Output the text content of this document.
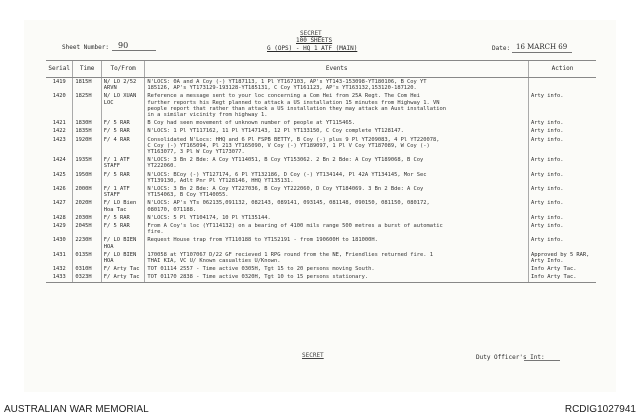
SECRET
100 SHEETS
G (OPS) - HQ 1 ATF (MAIN)
Sheet Number: 90	Date: 16 MARCH 69
Serial	Time	To/From	Events	Action
1419	1815H	N/ LO 2/52
ARVN	N'LOCS: 0A and A Coy (-) YT187113, 1 Pl YT167103, AP's YT143-153098-YT180106, B Coy YT
185126, AP's YT173129-193128-YT185131, C Coy YT161123, AP's YT163132,153120-187120.	
1420	1825H	N/ LO XUAN
LOC	Reference a message sent to your loc concerning a Com Hei from 25A Regt. The Com Hei
further reports his Regt planned to attack a US installation 15 minutes from Highway 1. VN
people report that rather than attack a US installation they may attack an Aust installation
in a similar vicinity from highway 1.	Arty info.
1421	1830H	F/ 5 RAR	B Coy had seen movement of unknown number of people at YT115465.	Arty info.
1422	1835H	F/ 5 RAR	N'LOCS: 1 Pl YT117162, 11 Pl YT147143, 12 Pl YT133150, C Coy complete YT128147.	Arty info.
1423	1920H	F/ 4 RAR	Consolidated N'Locs: HHQ and 6 Pl FSPB BETTY, B Coy (-) plus 9 Pl YT209083, 4 Pl YT220078,
C Coy (-) YT165094, Pl 213 YT165090, V Coy (-) YT189097, 1 Pl V Coy YT187089, W Coy (-)
YT163077, 3 Pl W Coy YT173077.	Arty info.
1424	1935H	F/ 1 ATF
STAFF	N'LOCS: 3 Bn 2 Bde: A Coy YT114051, B Coy YT153062. 2 Bn 2 Bde: A Coy YT189068, B Coy
YT222060.	Arty info.
1425	1950H	F/ 5 RAR	N'LOCS: BCoy (-) YT127174, 6 Pl YT132186, D Coy (-) YT134144, Pl 42A YT134145, Mor Sec
YT139130, Adlt Pnr Pl YT128146, HHQ YT135131.	Arty info.
1426	2000H	F/ 1 ATF
STAFF	N'LOCS: 3 Bn 2 Bde: A Coy YT227036, B Coy YT222060, D Coy YT184069. 3 Bn 2 Bde: A Coy
YT154063, B Coy YT140055.	Arty info.
1427	2020H	F/ LO Bien
Hoa Tac	N'LOCS: AP's YTs 062135,091132, 082143, 089141, 093145, 081148, 090150, 081150, 080172,
080170, 071188.	Arty info.
1428	2030H	F/ 5 RAR	N'LOCS: 5 Pl YT104174, 10 Pl YT135144.	Arty info.
1429	2045H	F/ 5 RAR	From A Coy's loc (YT114132) on a bearing of 4100 mils range 500 metres a burst of automatic
fire.	Arty info.
1430	2230H	F/ LO BIEN HOA	Request House trap from YT110188 to YT152191 - from 190600H to 181000H.	Arty info.
1431	0135H	F/ LO BIEN HOA	170058 at YT107067 D/22 GF recieved 1 RPG round from the NE, Friendlies returned fire. 1
THAI KIA, VC U/ Known casualties U/Known.	Approved by 5 RAR, Arty Info.
1432	0310H	F/ Arty Tac	TOT 01114 2557 - Time active 0305H, Tgt 15 to 20 persons moving South.	Info Arty Tac.
1433	0323H	F/ Arty Tac	TOT 01170 2838 - Time active 0320H, Tgt 10 to 15 persons stationary.	Info Arty Tac.
SECRET	Duty Officer's Int:
AUSTRALIAN WAR MEMORIAL	RCDIG1027941
